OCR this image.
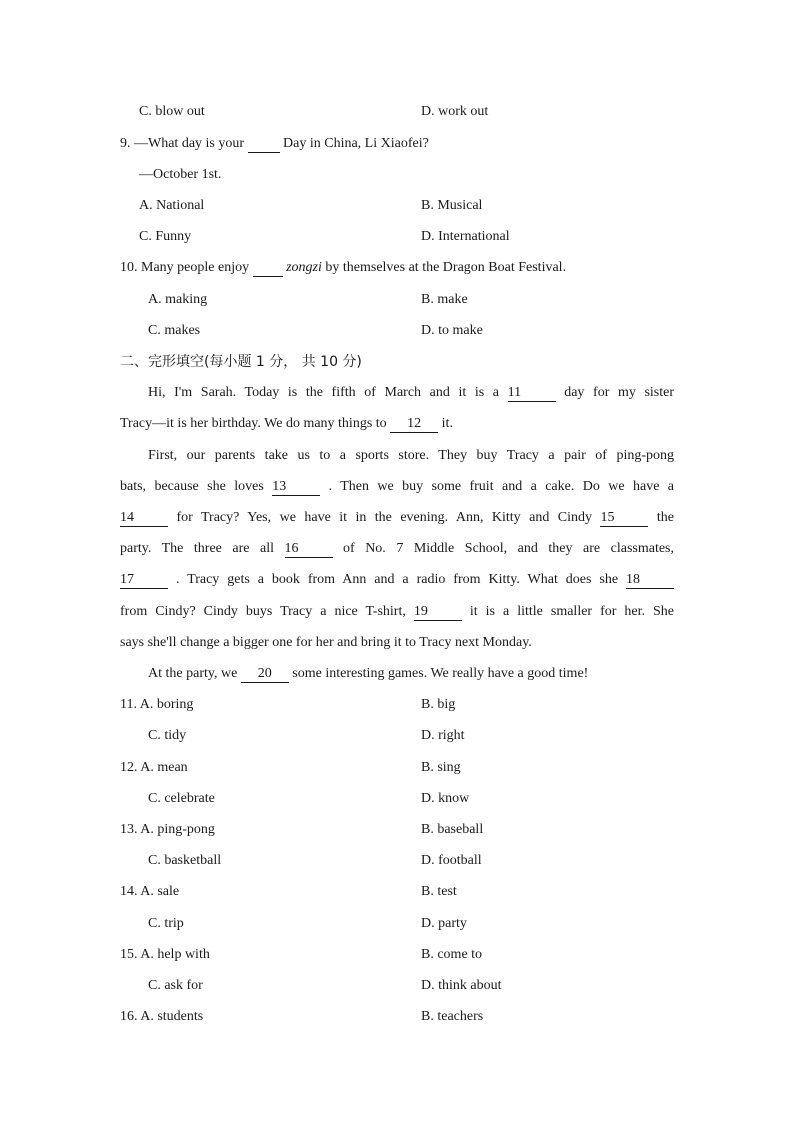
C. blow out	D. work out
9. —What day is your	Day in China, Li Xiaofei?
—October 1st.
A. National	B. Musical
C. Funny	D. International
10. Many people enjoy	zongzi by themselves at the Dragon Boat Festival.
A. making	B. make
C. makes	D. to make
二、完形填空(每小题 1 分， 共 10 分)
Hi, I'm Sarah. Today is the fifth of March and it is a 11	day for my sister
Tracy—it is her birthday. We do many things to 12 it.
First, our parents take us to a sports store. They buy Tracy a pair of ping-pong
bats, because she loves 13	. Then we buy some fruit and a cake. Do we have a
14	for Tracy? Yes, we have it in the evening. Ann, Kitty and Cindy 15	the
party. The three are all 16	of No. 7 Middle School, and they are classmates,
17	. Tracy gets a book from Ann and a radio from Kitty. What does she 18
from Cindy? Cindy buys Tracy a nice T-shirt, 19	it is a little smaller for her. She
says she'll change a bigger one for her and bring it to Tracy next Monday.
At the party, we 20 some interesting games. We really have a good time!
11. A. boring	B. big
C. tidy	D. right
12. A. mean	B. sing
C. celebrate	D. know
13. A. ping-pong	B. baseball
C. basketball	D. football
14. A. sale	B. test
C. trip	D. party
15. A. help with	B. come to
C. ask for	D. think about
16. A. students	B. teachers
